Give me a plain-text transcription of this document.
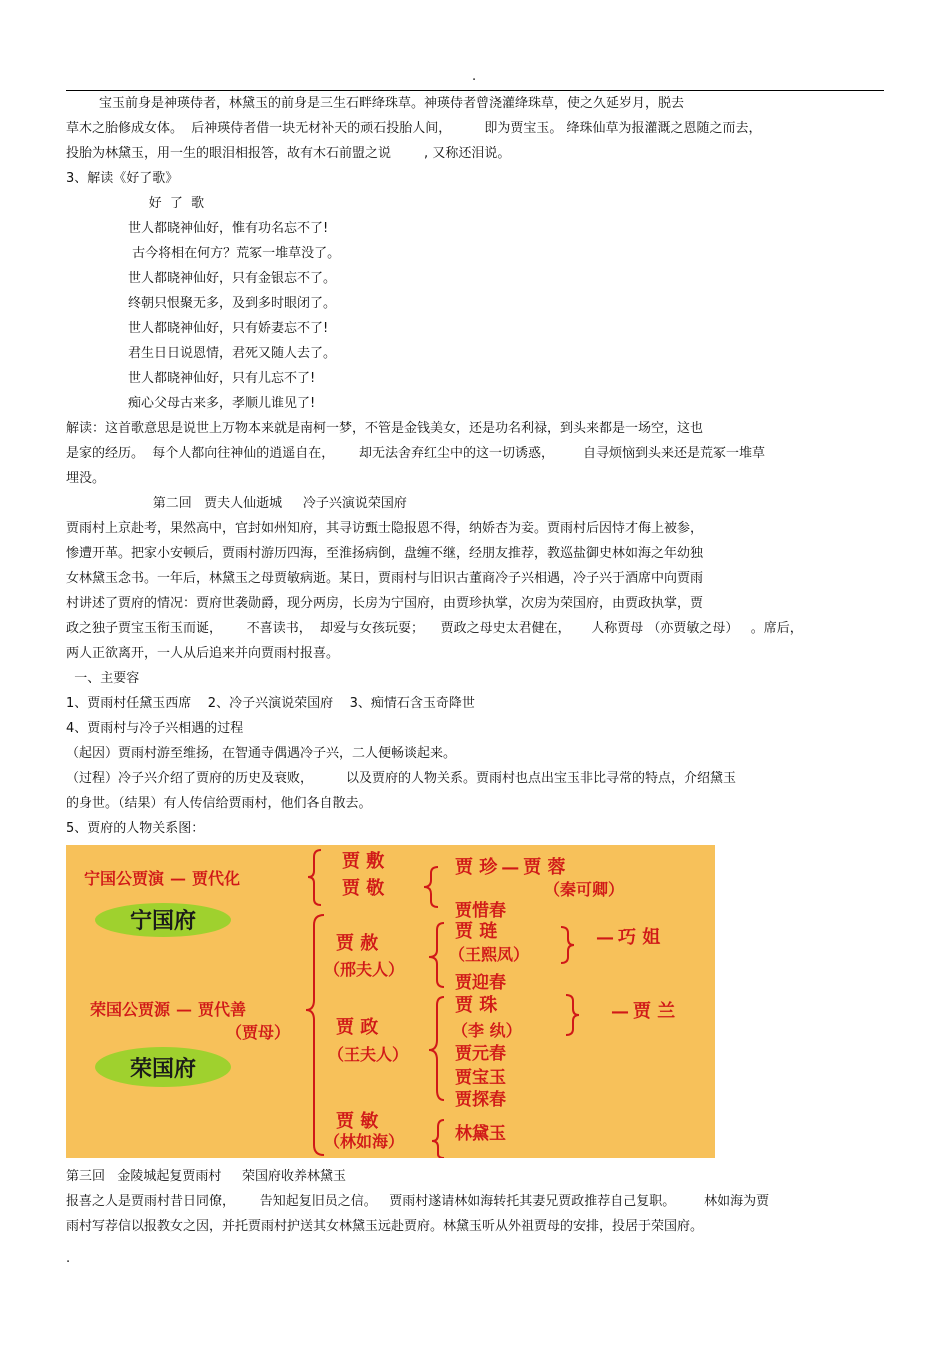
.
宝玉前身是神瑛侍者，林黛玉的前身是三生石畔绛珠草。神瑛侍者曾浇灌绛珠草，使之久延岁月，脱去
草木之胎修成女体。  后神瑛侍者借一块无材补天的顽石投胎人间，        即为贾宝玉。 绛珠仙草为报灌溉之恩随之而去，
投胎为林黛玉，用一生的眼泪相报答，故有木石前盟之说        , 又称还泪说。
3、解读《好了歌》
好  了  歌
世人都晓神仙好，惟有功名忘不了!
古今将相在何方？荒冢一堆草没了。
世人都晓神仙好，只有金银忘不了。
终朝只恨聚无多，及到多时眼闭了。
世人都晓神仙好，只有娇妻忘不了!
君生日日说恩情，君死又随人去了。
世人都晓神仙好，只有儿忘不了!
痴心父母古来多，孝顺儿谁见了!
解读：这首歌意思是说世上万物本来就是南柯一梦，不管是金钱美女，还是功名利禄，到头来都是一场空，这也
是家的经历。  每个人都向往神仙的逍遥自在，      却无法舍弃红尘中的这一切诱惑，       自寻烦恼到头来还是荒冢一堆草
埋没。
第二回   贾夫人仙逝城     冷子兴演说荣国府
贾雨村上京赴考，果然高中，官封如州知府，其寻访甄士隐报恩不得，纳娇杏为妾。贾雨村后因恃才侮上被参，
惨遭开革。把家小安顿后，贾雨村游历四海，至淮扬病倒，盘缠不继，经朋友推荐，教巡盐御史林如海之年幼独
女林黛玉念书。一年后，林黛玉之母贾敏病逝。某日，贾雨村与旧识古董商冷子兴相遇，冷子兴于酒席中向贾雨
村讲述了贾府的情况：贾府世袭勋爵，现分两房，长房为宁国府，由贾珍执掌，次房为荣国府，由贾政执掌，贾
政之独子贾宝玉衔玉而诞，      不喜读书，  却爱与女孩玩耍；    贾政之母史太君健在，     人称贾母 （亦贾敏之母）   。席后，
两人正欲离开，一人从后追来并向贾雨村报喜。
一、主要容
1、贾雨村任黛玉西席    2、冷子兴演说荣国府    3、痴情石含玉奇降世
4、贾雨村与冷子兴相遇的过程
（起因）贾雨村游至维扬，在智通寺偶遇冷子兴，二人便畅谈起来。
（过程）冷子兴介绍了贾府的历史及衰败，        以及贾府的人物关系。贾雨村也点出宝玉非比寻常的特点，介绍黛玉
的身世。（结果）有人传信给贾雨村，他们各自散去。
5、贾府的人物关系图：
宁国公贾演 — 贾代化
宁国府
贾 敷
贾 敬
贾 珍 — 贾 蓉
（秦可卿）
贾惜春
贾 赦
（邢夫人）
贾 琏
（王熙凤）
— 巧 姐
贾迎春
荣国公贾源 — 贾代善
（贾母）
荣国府
贾 政
（王夫人）
贾 珠
（李 纨）
— 贾 兰
贾元春
贾宝玉
贾探春
贾 敏
（林如海）	林黛玉
第三回   金陵城起复贾雨村     荣国府收养林黛玉
报喜之人是贾雨村昔日同僚，      告知起复旧员之信。   贾雨村遂请林如海转托其妻兄贾政推荐自己复职。       林如海为贾
雨村写荐信以报教女之因，并托贾雨村护送其女林黛玉远赴贾府。林黛玉听从外祖贾母的安排，投居于荣国府。
.
